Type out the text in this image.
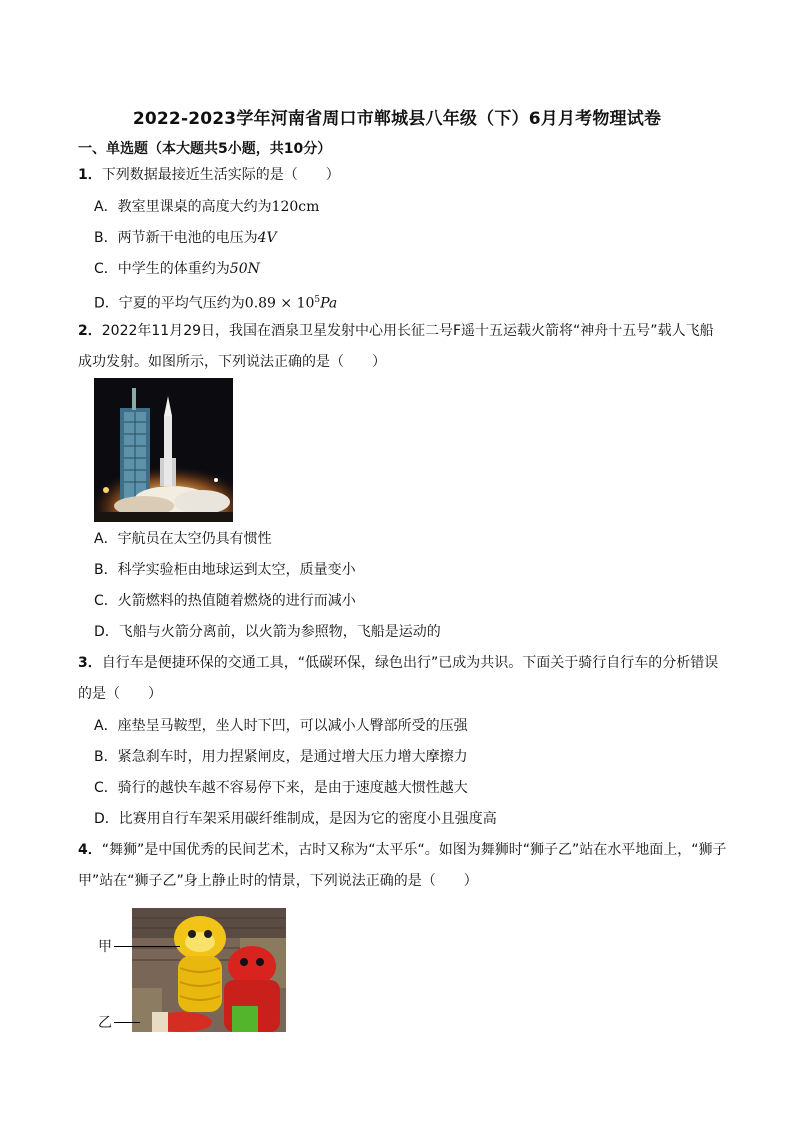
2022-2023学年河南省周口市郸城县八年级（下）6月月考物理试卷
一、单选题（本大题共5小题，共10分）
1．下列数据最接近生活实际的是（　　）
A．教室里课桌的高度大约为120cm
B．两节新干电池的电压为4V
C．中学生的体重约为50N
D．宁夏的平均气压约为$0.89 \times 10^5Pa$
2．2022年11月29日，我国在酒泉卫星发射中心用长征二号F遥十五运载火箭将“神舟十五号”载人飞船
成功发射。如图所示，下列说法正确的是（　　）
A．宇航员在太空仍具有惯性
B．科学实验柜由地球运到太空，质量变小
C．火箭燃料的热值随着燃烧的进行而减小
D．飞船与火箭分离前，以火箭为参照物，飞船是运动的
3．自行车是便捷环保的交通工具，“低碳环保，绿色出行”已成为共识。下面关于骑行自行车的分析错误
的是（　　）
A．座垫呈马鞍型，坐人时下凹，可以减小人臀部所受的压强
B．紧急刹车时，用力捏紧闸皮，是通过增大压力增大摩擦力
C．骑行的越快车越不容易停下来，是由于速度越大惯性越大
D．比赛用自行车架采用碳纤维制成，是因为它的密度小且强度高
4．“舞狮”是中国优秀的民间艺术，古时又称为“太平乐“。如图为舞狮时“狮子乙”站在水平地面上，“狮子
甲”站在“狮子乙”身上静止时的情景，下列说法正确的是（　　）
甲
乙
